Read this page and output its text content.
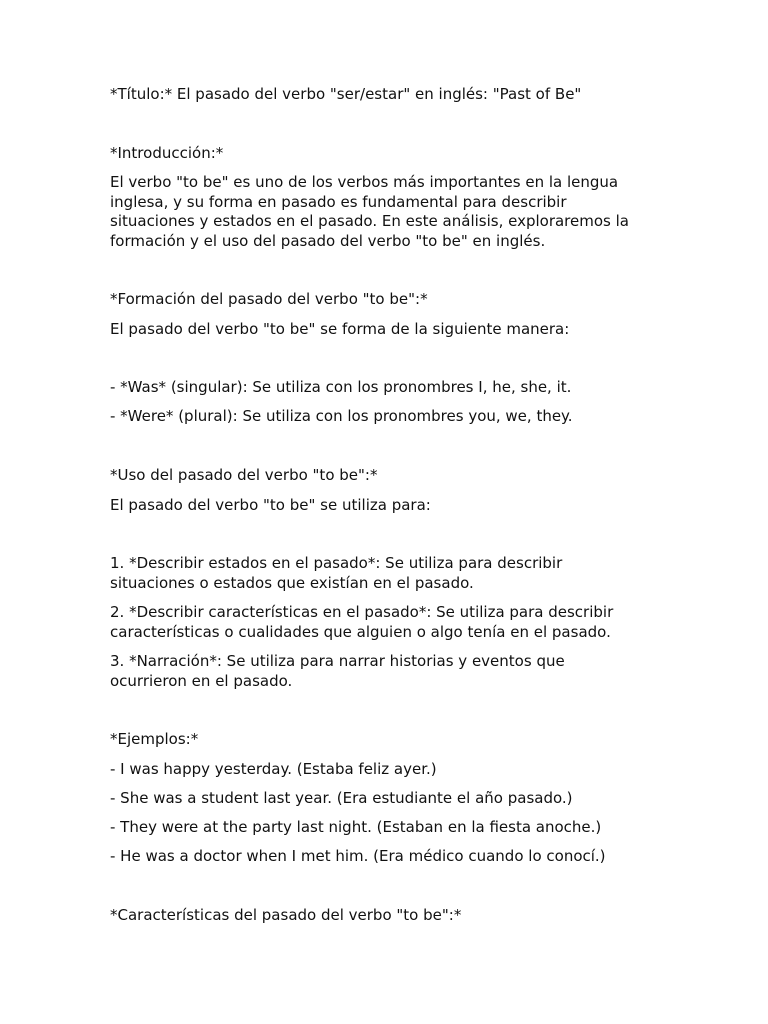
*Título:* El pasado del verbo "ser/estar" en inglés: "Past of Be"

*Introducción:*

El verbo "to be" es uno de los verbos más importantes en la lengua
inglesa, y su forma en pasado es fundamental para describir
situaciones y estados en el pasado. En este análisis, exploraremos la
formación y el uso del pasado del verbo "to be" en inglés.

*Formación del pasado del verbo "to be":*

El pasado del verbo "to be" se forma de la siguiente manera:

- *Was* (singular): Se utiliza con los pronombres I, he, she, it.

- *Were* (plural): Se utiliza con los pronombres you, we, they.

*Uso del pasado del verbo "to be":*

El pasado del verbo "to be" se utiliza para:

1. *Describir estados en el pasado*: Se utiliza para describir
situaciones o estados que existían en el pasado.

2. *Describir características en el pasado*: Se utiliza para describir
características o cualidades que alguien o algo tenía en el pasado.

3. *Narración*: Se utiliza para narrar historias y eventos que
ocurrieron en el pasado.

*Ejemplos:*

- I was happy yesterday. (Estaba feliz ayer.)

- She was a student last year. (Era estudiante el año pasado.)

- They were at the party last night. (Estaban en la fiesta anoche.)

- He was a doctor when I met him. (Era médico cuando lo conocí.)

*Características del pasado del verbo "to be":*
